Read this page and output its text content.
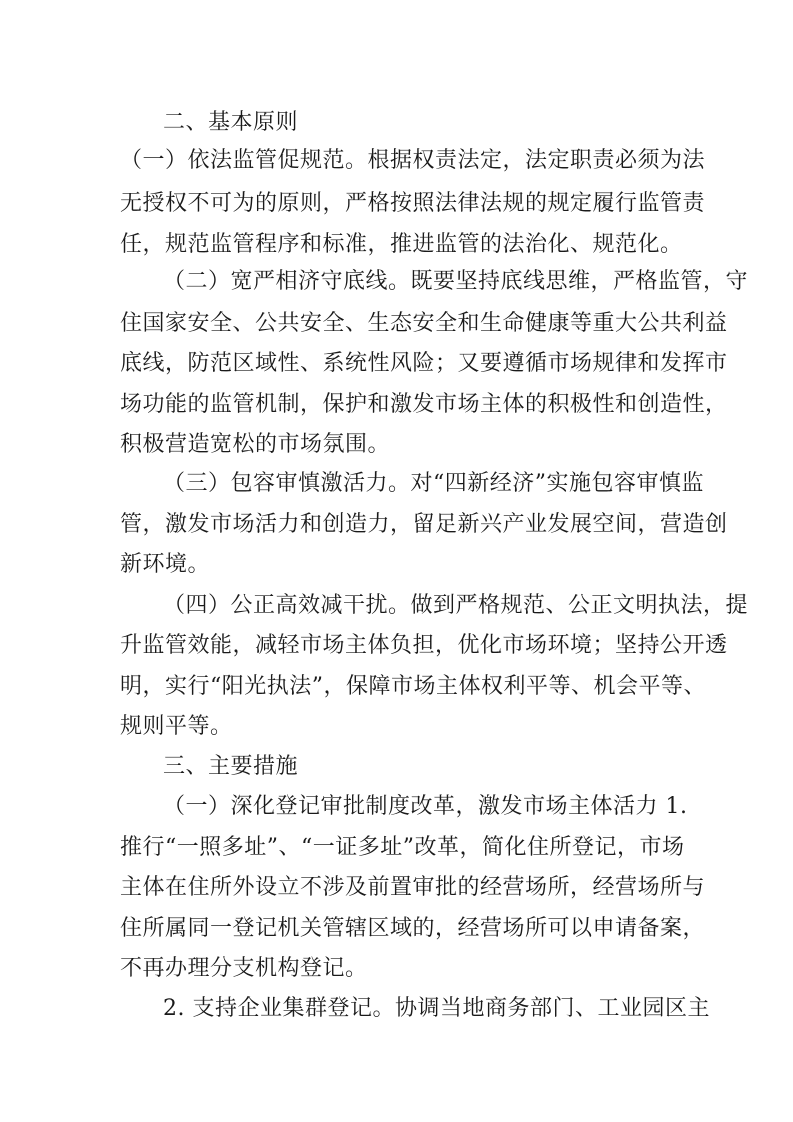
二、基本原则
（一）依法监管促规范。根据权责法定，法定职责必须为法
无授权不可为的原则，严格按照法律法规的规定履行监管责
任，规范监管程序和标准，推进监管的法治化、规范化。
（二）宽严相济守底线。既要坚持底线思维，严格监管，守
住国家安全、公共安全、生态安全和生命健康等重大公共利益
底线，防范区域性、系统性风险；又要遵循市场规律和发挥市
场功能的监管机制，保护和激发市场主体的积极性和创造性，
积极营造宽松的市场氛围。
（三）包容审慎激活力。对“四新经济”实施包容审慎监
管，激发市场活力和创造力，留足新兴产业发展空间，营造创
新环境。
（四）公正高效减干扰。做到严格规范、公正文明执法，提
升监管效能，减轻市场主体负担，优化市场环境；坚持公开透
明，实行“阳光执法”，保障市场主体权利平等、机会平等、
规则平等。
三、主要措施
（一）深化登记审批制度改革，激发市场主体活力 1.
推行“一照多址”、“一证多址”改革，简化住所登记，市场
主体在住所外设立不涉及前置审批的经营场所，经营场所与
住所属同一登记机关管辖区域的，经营场所可以申请备案，
不再办理分支机构登记。
2. 支持企业集群登记。协调当地商务部门、工业园区主
